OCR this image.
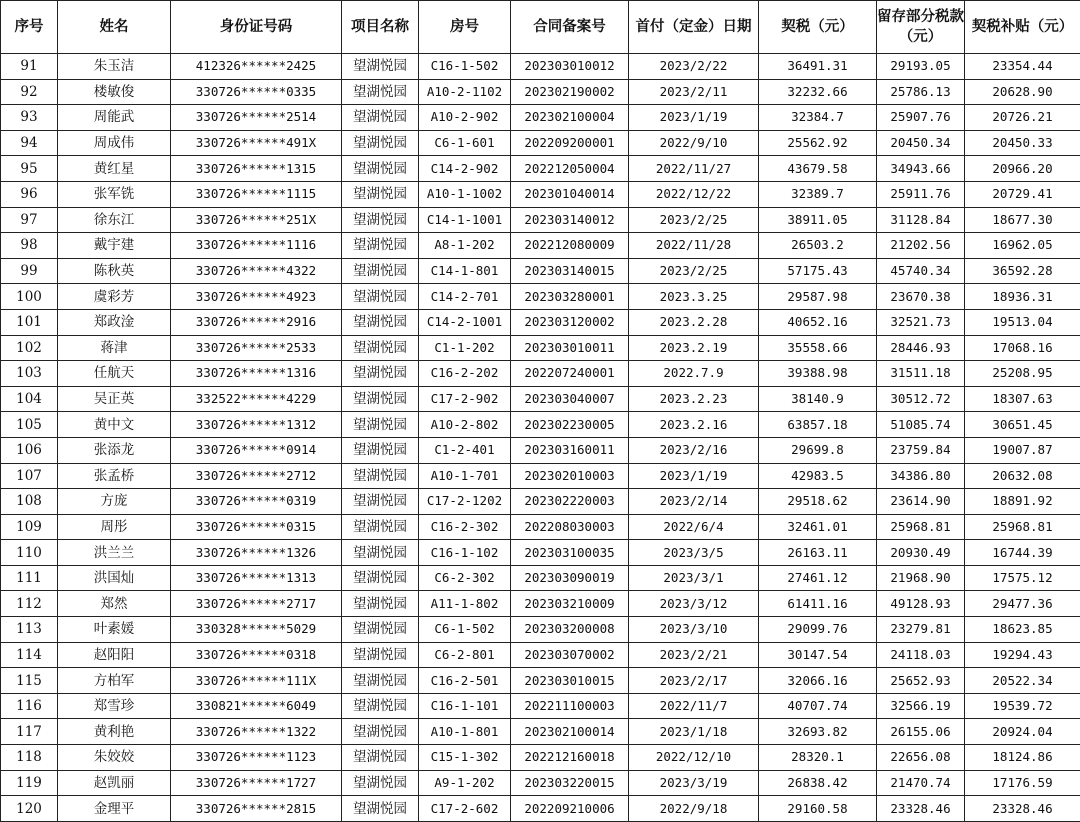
序号	姓名	身份证号码	项目名称	房号	合同备案号	首付（定金）日期	契税（元）	留存部分税款（元）	契税补贴（元）
91	朱玉洁	412326******2425	望湖悦园	C16-1-502	202303010012	2023/2/22	36491.31	29193.05	23354.44
92	楼敏俊	330726******0335	望湖悦园	A10-2-1102	202302190002	2023/2/11	32232.66	25786.13	20628.90
93	周能武	330726******2514	望湖悦园	A10-2-902	202302100004	2023/1/19	32384.7	25907.76	20726.21
94	周成伟	330726******491X	望湖悦园	C6-1-601	202209200001	2022/9/10	25562.92	20450.34	20450.33
95	黄红星	330726******1315	望湖悦园	C14-2-902	202212050004	2022/11/27	43679.58	34943.66	20966.20
96	张军铣	330726******1115	望湖悦园	A10-1-1002	202301040014	2022/12/22	32389.7	25911.76	20729.41
97	徐东江	330726******251X	望湖悦园	C14-1-1001	202303140012	2023/2/25	38911.05	31128.84	18677.30
98	戴宇建	330726******1116	望湖悦园	A8-1-202	202212080009	2022/11/28	26503.2	21202.56	16962.05
99	陈秋英	330726******4322	望湖悦园	C14-1-801	202303140015	2023/2/25	57175.43	45740.34	36592.28
100	虞彩芳	330726******4923	望湖悦园	C14-2-701	202303280001	2023.3.25	29587.98	23670.38	18936.31
101	郑政淦	330726******2916	望湖悦园	C14-2-1001	202303120002	2023.2.28	40652.16	32521.73	19513.04
102	蒋津	330726******2533	望湖悦园	C1-1-202	202303010011	2023.2.19	35558.66	28446.93	17068.16
103	任航天	330726******1316	望湖悦园	C16-2-202	202207240001	2022.7.9	39388.98	31511.18	25208.95
104	吴正英	332522******4229	望湖悦园	C17-2-902	202303040007	2023.2.23	38140.9	30512.72	18307.63
105	黄中文	330726******1312	望湖悦园	A10-2-802	202302230005	2023.2.16	63857.18	51085.74	30651.45
106	张添龙	330726******0914	望湖悦园	C1-2-401	202303160011	2023/2/16	29699.8	23759.84	19007.87
107	张孟桥	330726******2712	望湖悦园	A10-1-701	202302010003	2023/1/19	42983.5	34386.80	20632.08
108	方庞	330726******0319	望湖悦园	C17-2-1202	202302220003	2023/2/14	29518.62	23614.90	18891.92
109	周彤	330726******0315	望湖悦园	C16-2-302	202208030003	2022/6/4	32461.01	25968.81	25968.81
110	洪兰兰	330726******1326	望湖悦园	C16-1-102	202303100035	2023/3/5	26163.11	20930.49	16744.39
111	洪国灿	330726******1313	望湖悦园	C6-2-302	202303090019	2023/3/1	27461.12	21968.90	17575.12
112	郑然	330726******2717	望湖悦园	A11-1-802	202303210009	2023/3/12	61411.16	49128.93	29477.36
113	叶素媛	330328******5029	望湖悦园	C6-1-502	202303200008	2023/3/10	29099.76	23279.81	18623.85
114	赵阳阳	330726******0318	望湖悦园	C6-2-801	202303070002	2023/2/21	30147.54	24118.03	19294.43
115	方柏军	330726******111X	望湖悦园	C16-2-501	202303010015	2023/2/17	32066.16	25652.93	20522.34
116	郑雪珍	330821******6049	望湖悦园	C16-1-101	202211100003	2022/11/7	40707.74	32566.19	19539.72
117	黄利艳	330726******1322	望湖悦园	A10-1-801	202302100014	2023/1/18	32693.82	26155.06	20924.04
118	朱姣姣	330726******1123	望湖悦园	C15-1-302	202212160018	2022/12/10	28320.1	22656.08	18124.86
119	赵凯丽	330726******1727	望湖悦园	A9-1-202	202303220015	2023/3/19	26838.42	21470.74	17176.59
120	金理平	330726******2815	望湖悦园	C17-2-602	202209210006	2022/9/18	29160.58	23328.46	23328.46
